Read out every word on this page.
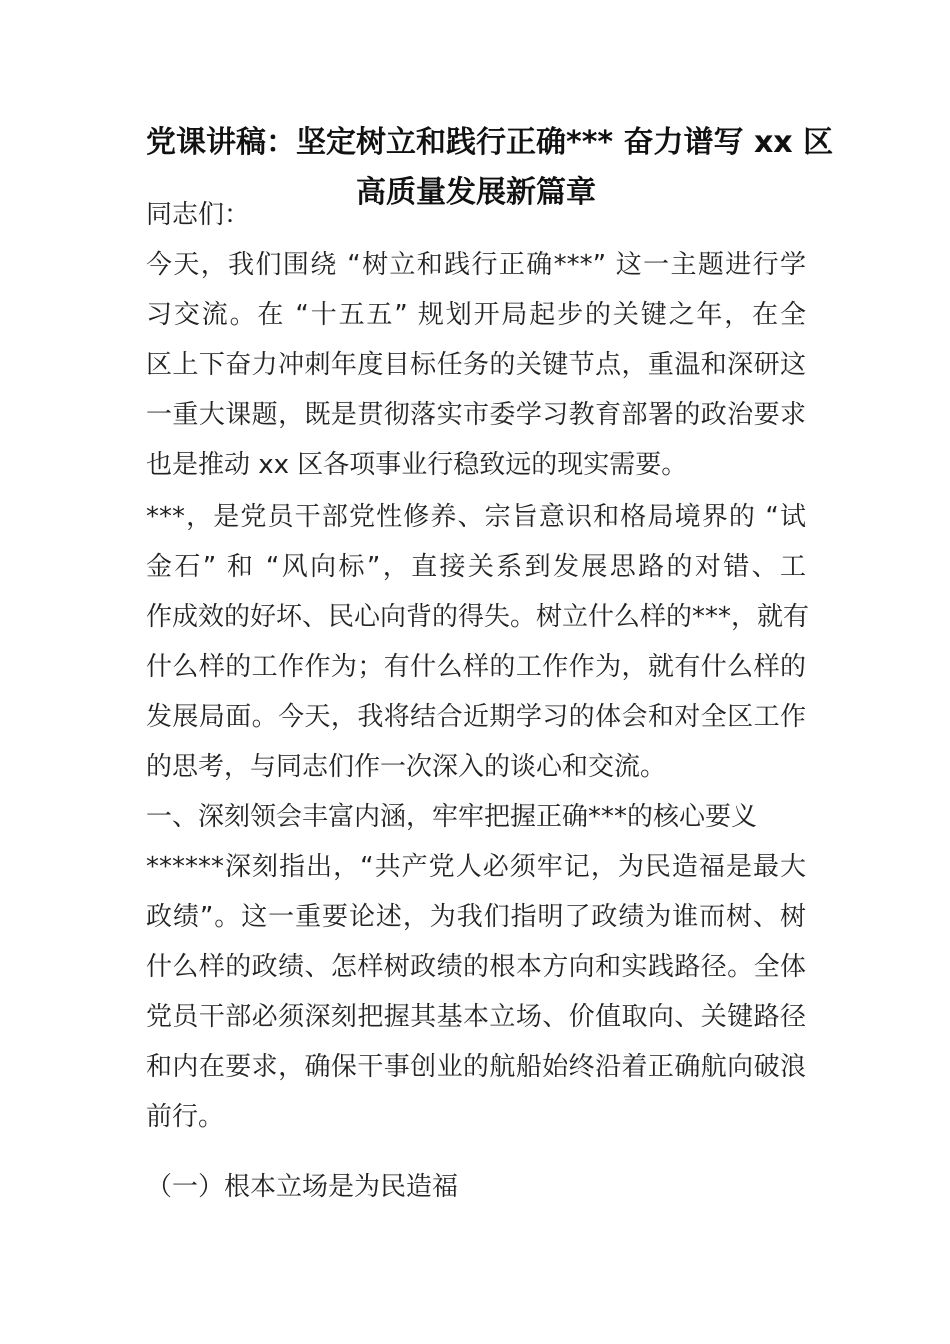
党课讲稿：坚定树立和践行正确*** 奋力谱写 xx 区
高质量发展新篇章
同志们：
今天，我们围绕 “树立和践行正确***” 这一主题进行学
习交流。在 “十五五” 规划开局起步的关键之年，在全
区上下奋力冲刺年度目标任务的关键节点，重温和深研这
一重大课题，既是贯彻落实市委学习教育部署的政治要求
也是推动 xx 区各项事业行稳致远的现实需要。
***，是党员干部党性修养、宗旨意识和格局境界的 “试
金石” 和 “风向标”，直接关系到发展思路的对错、工
作成效的好坏、民心向背的得失。树立什么样的***，就有
什么样的工作作为；有什么样的工作作为，就有什么样的
发展局面。今天，我将结合近期学习的体会和对全区工作
的思考，与同志们作一次深入的谈心和交流。
一、深刻领会丰富内涵，牢牢把握正确***的核心要义
******深刻指出，“共产党人必须牢记，为民造福是最大
政绩”。这一重要论述，为我们指明了政绩为谁而树、树
什么样的政绩、怎样树政绩的根本方向和实践路径。全体
党员干部必须深刻把握其基本立场、价值取向、关键路径
和内在要求，确保干事创业的航船始终沿着正确航向破浪
前行。
（一）根本立场是为民造福
